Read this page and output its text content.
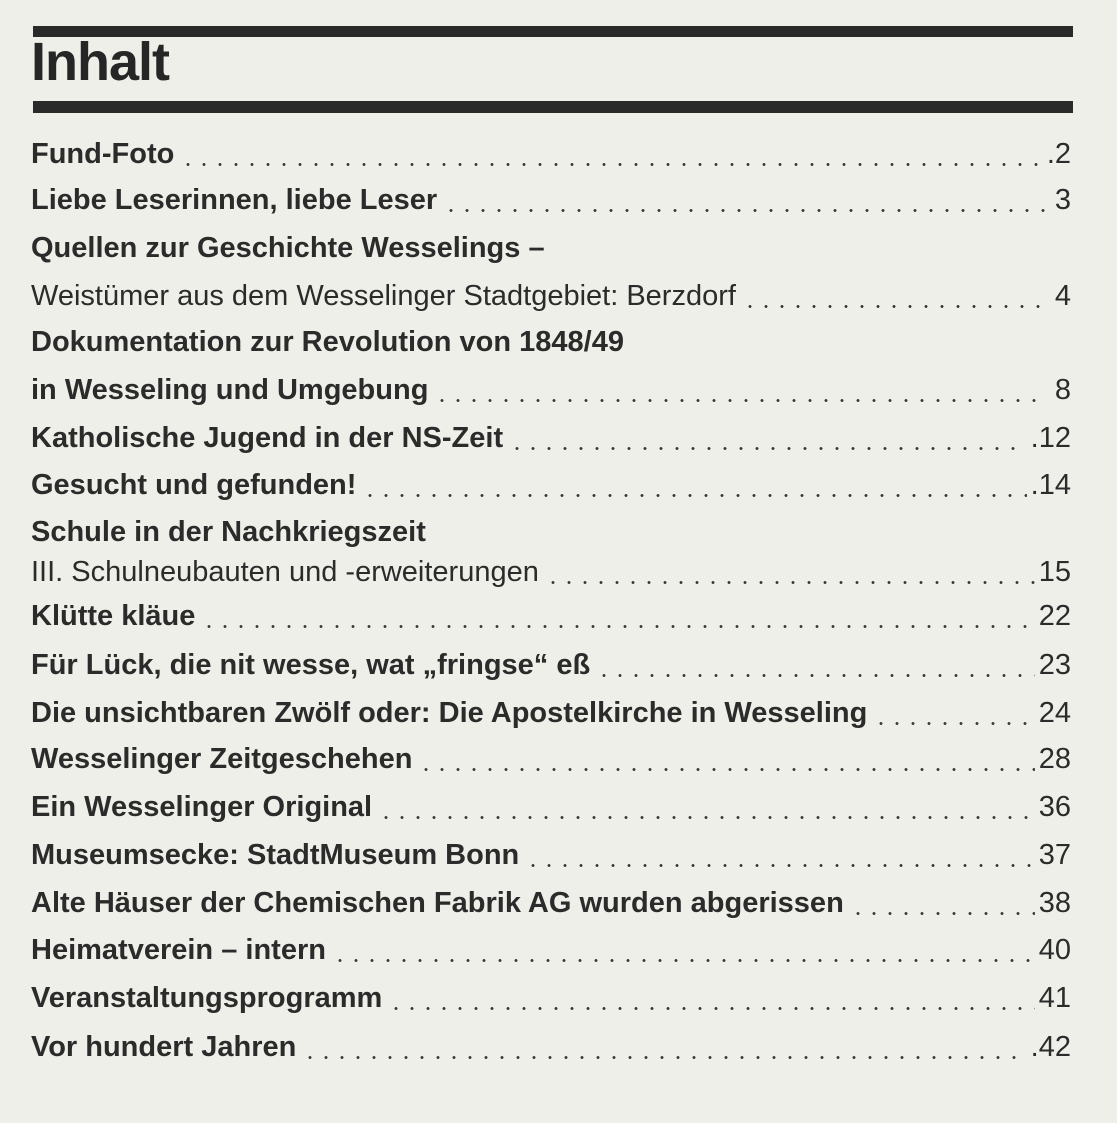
Inhalt
Fund-Foto	.2
Liebe Leserinnen, liebe Leser	3
Quellen zur Geschichte Wesselings –
Weistümer aus dem Wesselinger Stadtgebiet: Berzdorf	4
Dokumentation zur Revolution von 1848/49
in Wesseling und Umgebung	8
Katholische Jugend in der NS-Zeit	.12
Gesucht und gefunden!	.14
Schule in der Nachkriegszeit
III. Schulneubauten und -erweiterungen	15
Klütte kläue	22
Für Lück, die nit wesse, wat „fringse“ eß	23
Die unsichtbaren Zwölf oder: Die Apostelkirche in Wesseling	24
Wesselinger Zeitgeschehen	28
Ein Wesselinger Original	36
Museumsecke: StadtMuseum Bonn	37
Alte Häuser der Chemischen Fabrik AG wurden abgerissen	38
Heimatverein – intern	40
Veranstaltungsprogramm	41
Vor hundert Jahren	.42
